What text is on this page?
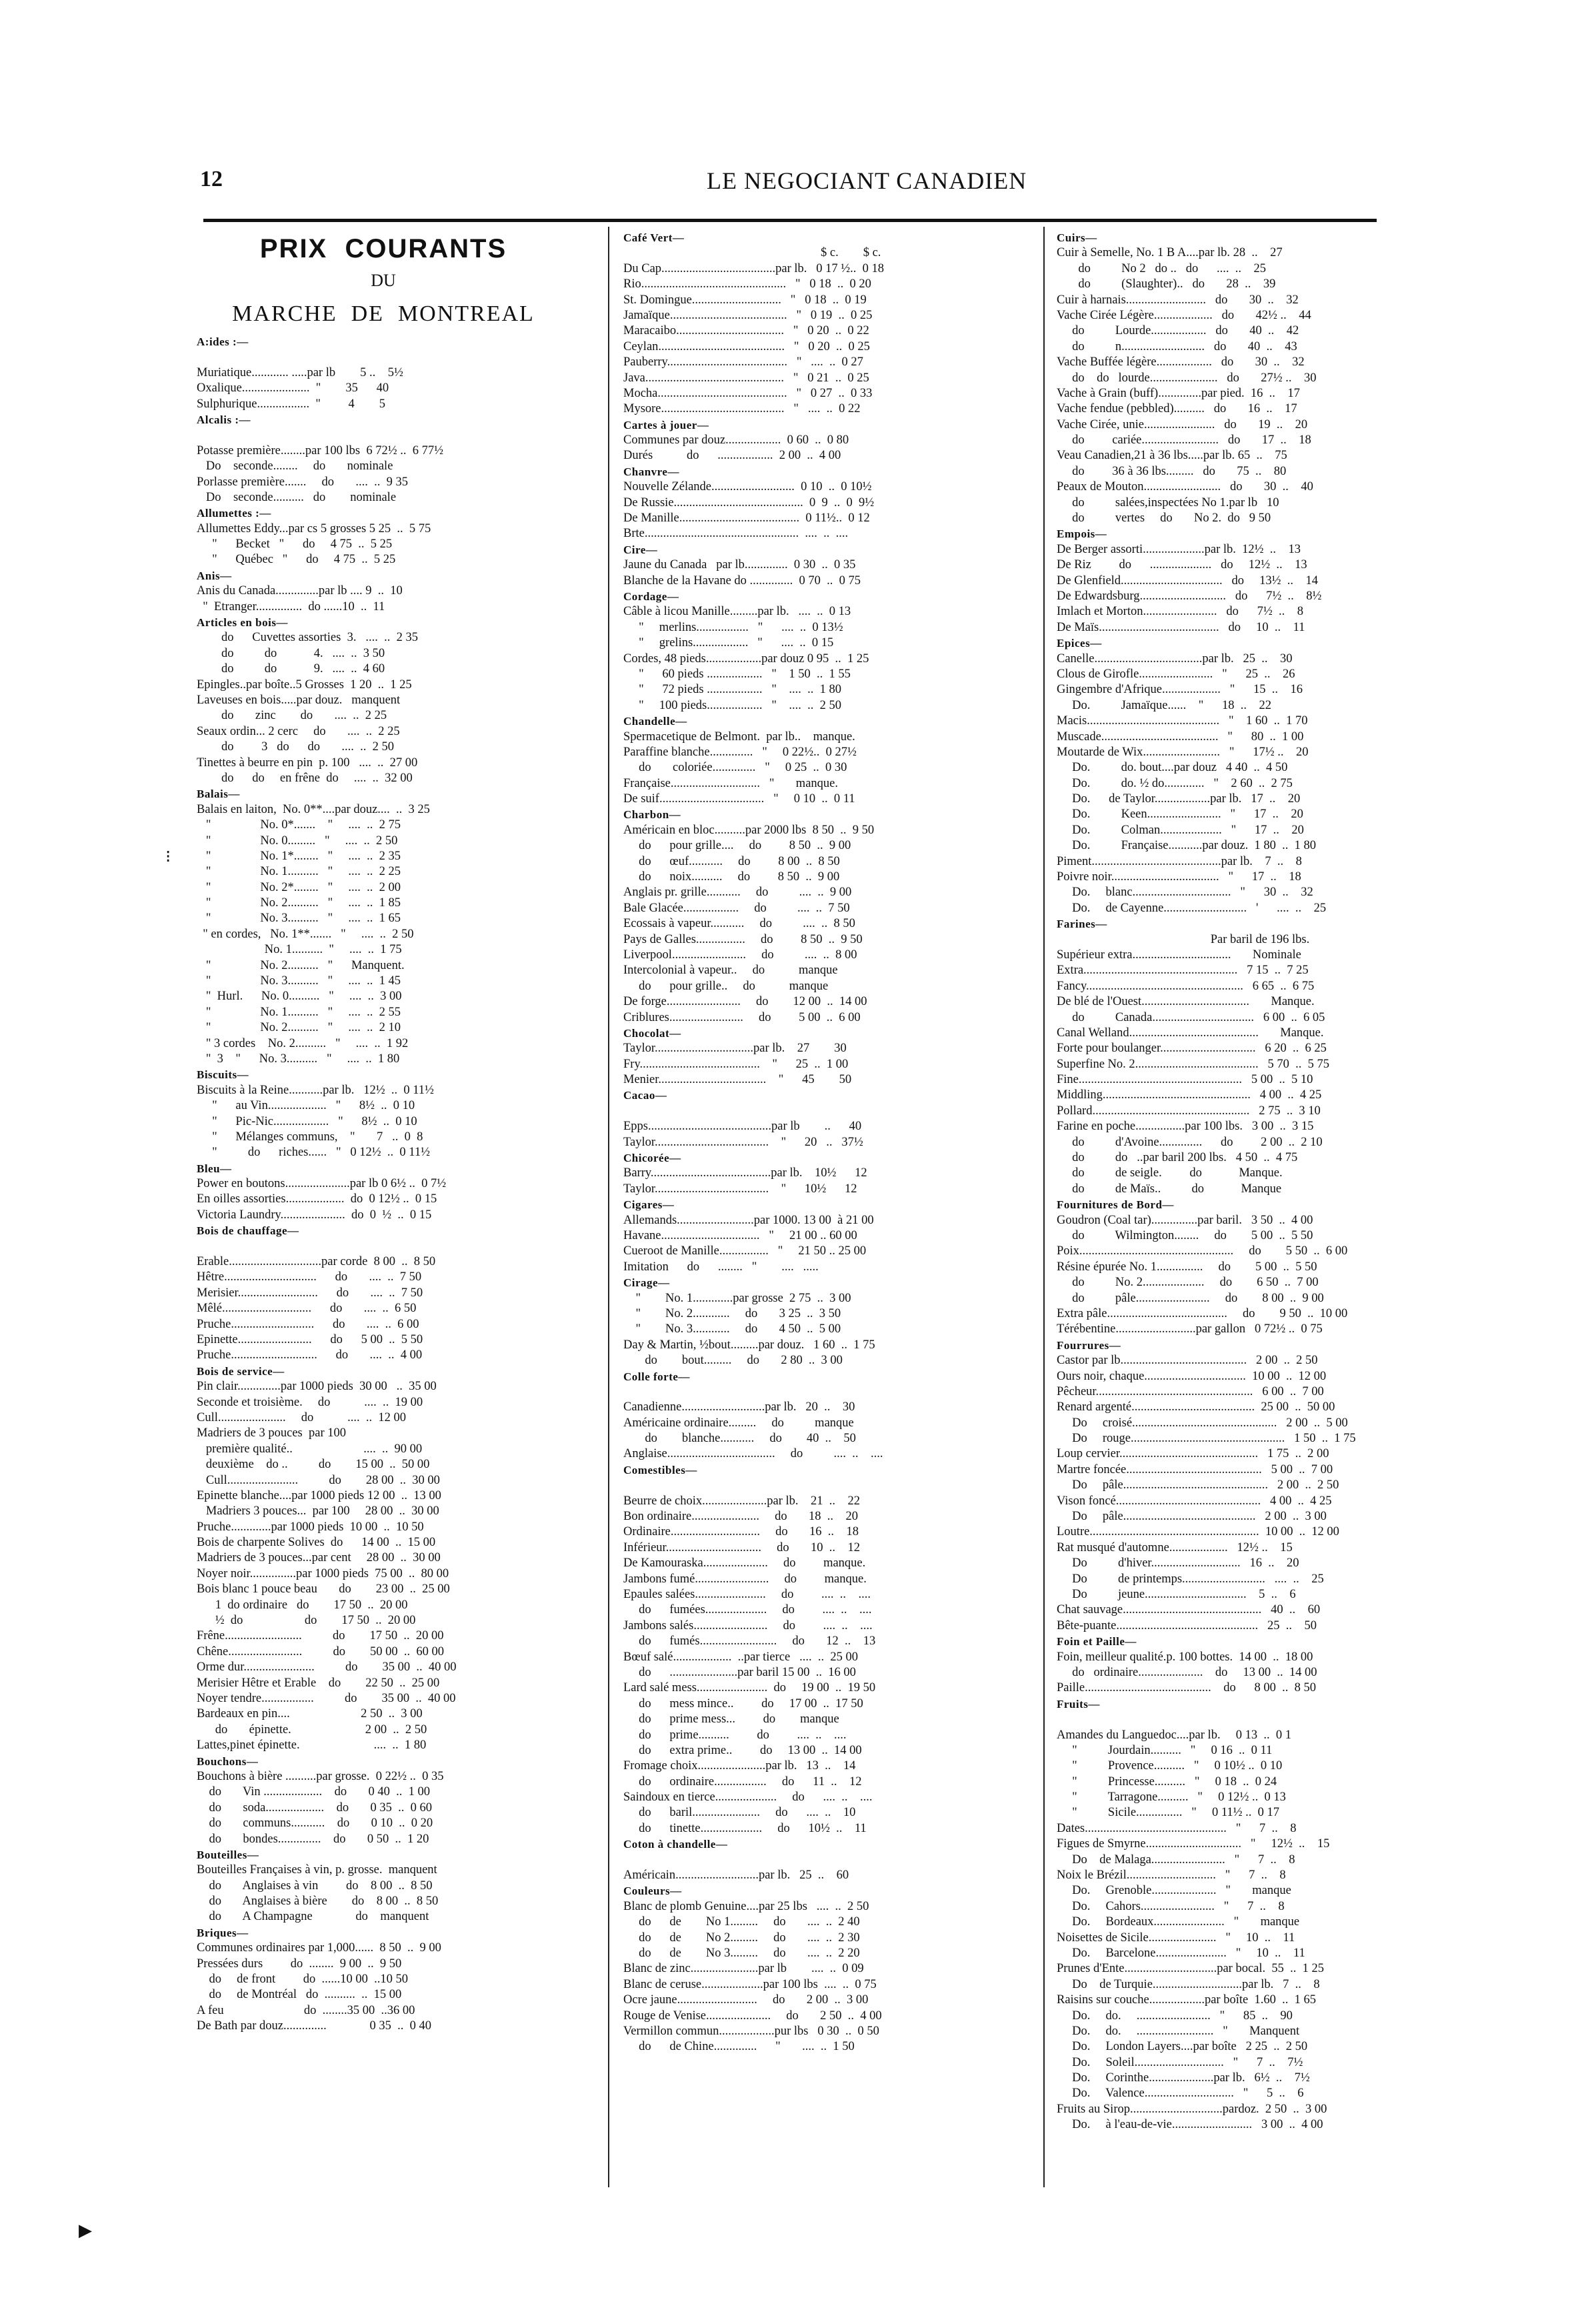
12	LE NEGOCIANT CANADIEN
PRIX  COURANTS
DU
MARCHE  DE  MONTREAL
A:ides :—

Muriatique............ .....par lb        5 ..    5½
Oxalique......................  "        35      40
Sulphurique.................  "         4        5
Alcalis :—

Potasse première........par 100 lbs  6 72½ ..  6 77½
Do    seconde........     do       nominale
Porlasse première.......     do       ....  ..  9 35
Do    seconde..........   do        nominale
Allumettes :—
Allumettes Eddy...par cs 5 grosses 5 25  ..  5 75
"      Becket   "      do     4 75  ..  5 25
"      Québec   "      do     4 75  ..  5 25
Anis—
Anis du Canada..............par lb .... 9  ..  10
"  Etranger...............  do ......10  ..  11
Articles en bois—
do      Cuvettes assorties  3.   ....  ..  2 35
do          do            4.   ....  ..  3 50
do          do            9.   ....  ..  4 60
Epingles..par boîte..5 Grosses  1 20  ..  1 25
Laveuses en bois.....par douz.   manquent
do       zinc        do       ....  ..  2 25
Seaux ordin... 2 cerc     do       ....  ..  2 25
do         3   do      do       ....  ..  2 50
Tinettes à beurre en pin  p. 100   ....  ..  27 00
do      do     en frêne  do     ....  ..  32 00
Balais—
Balais en laiton,  No. 0**....par douz....  ..  3 25
"                No. 0*.......    "     ....  ..  2 75
"                No. 0.........   "     ....  ..  2 50
"                No. 1*........   "     ....  ..  2 35
"                No. 1..........   "     ....  ..  2 25
"                No. 2*........   "     ....  ..  2 00
"                No. 2..........   "     ....  ..  1 85
"                No. 3..........   "     ....  ..  1 65
" en cordes,   No. 1**.......   "     ....  ..  2 50
No. 1..........  "     ....  ..  1 75
"                No. 2..........   "      Manquent.
"                No. 3..........   "     ....  ..  1 45
"  Hurl.      No. 0..........   "     ....  ..  3 00
"                No. 1..........   "     ....  ..  2 55
"                No. 2..........   "     ....  ..  2 10
" 3 cordes    No. 2..........   "     ....  ..  1 92
"  3    "      No. 3..........   "     ....  ..  1 80
Biscuits—
Biscuits à la Reine...........par lb.   12½  ..  0 11½
"      au Vin...................   "      8½  ..  0 10
"      Pic-Nic..................   "      8½  ..  0 10
"      Mélanges communs,    "       7   ..  0  8
"          do      riches......   "   0 12½  ..  0 11½
Bleu—
Power en boutons.....................par lb 0 6½ ..  0 7½
En oilles assorties...................  do  0 12½ ..  0 15
Victoria Laundry.....................  do  0  ½  ..  0 15
Bois de chauffage—

Erable..............................par corde  8 00  ..  8 50
Hêtre..............................      do       ....  ..  7 50
Merisier..........................      do       ....  ..  7 50
Mêlé.............................      do       ....  ..  6 50
Pruche...........................      do       ....  ..  6 00
Epinette........................      do      5 00  ..  5 50
Pruche............................      do       ....  ..  4 00
Bois de service—
Pin clair..............par 1000 pieds  30 00   ..  35 00
Seconde et troisième.     do           ....  ..  19 00
Cull......................     do           ....  ..  12 00
Madriers de 3 pouces  par 100
première qualité..                       ....  ..  90 00
deuxième    do ..          do        15 00  ..  50 00
Cull.......................          do        28 00  ..  30 00
Epinette blanche....par 1000 pieds 12 00  ..  13 00
Madriers 3 pouces...  par 100     28 00  ..  30 00
Pruche.............par 1000 pieds  10 00  ..  10 50
Bois de charpente Solives  do      14 00  ..  15 00
Madriers de 3 pouces...par cent     28 00  ..  30 00
Noyer noir...............par 1000 pieds  75 00  ..  80 00
Bois blanc 1 pouce beau       do        23 00  ..  25 00
1  do ordinaire   do        17 50  ..  20 00
½  do                    do        17 50  ..  20 00
Frêne.........................          do        17 50  ..  20 00
Chêne........................          do        50 00  ..  60 00
Orme dur.......................          do        35 00  ..  40 00
Merisier Hêtre et Erable    do        22 50  ..  25 00
Noyer tendre.................          do        35 00  ..  40 00
Bardeaux en pin....                       2 50  ..  3 00
do       épinette.                        2 00  ..  2 50
Lattes,pinet épinette.                        ....  ..  1 80
Bouchons—
Bouchons à bière ..........par grosse.  0 22½ ..  0 35
do       Vin ...................    do       0 40  ..  1 00
do       soda...................    do       0 35  ..  0 60
do       communs...........    do       0 10  ..  0 20
do       bondes..............    do       0 50  ..  1 20
Bouteilles—
Bouteilles Françaises à vin, p. grosse.  manquent
do       Anglaises à vin         do    8 00  ..  8 50
do       Anglaises à bière        do    8 00  ..  8 50
do       A Champagne              do    manquent
Briques—
Communes ordinaires par 1,000......  8 50  ..  9 00
Pressées durs         do  ........  9 00  ..  9 50
do     de front         do  ......10 00  ..10 50
do     de Montréal   do  ..........  ..  15 00
A feu                          do  ........35 00  ..36 00
De Bath par douz..............              0 35  ..  0 40
Café Vert—
$ c.        $ c.
Du Cap.....................................par lb.   0 17 ½..  0 18
Rio...............................................   "   0 18  ..  0 20
St. Domingue.............................   "   0 18  ..  0 19
Jamaïque......................................   "   0 19  ..  0 25
Maracaibo...................................   "   0 20  ..  0 22
Ceylan.........................................   "   0 20  ..  0 25
Pauberry.......................................   "   ....  ..  0 27
Java.............................................   "   0 21  ..  0 25
Mocha..........................................   "   0 27  ..  0 33
Mysore........................................   "   ....  ..  0 22
Cartes à jouer—
Communes par douz..................  0 60  ..  0 80
Durés           do      ..................  2 00  ..  4 00
Chanvre—
Nouvelle Zélande...........................  0 10  ..  0 10½
De Russie..........................................  0  9  ..  0  9½
De Manille.......................................  0 11½..  0 12
Brte..................................................  ....  ..  ....
Cire—
Jaune du Canada   par lb..............  0 30  ..  0 35
Blanche de la Havane do ..............  0 70  ..  0 75
Cordage—
Câble à licou Manille.........par lb.   ....  ..  0 13
"     merlins.................   "      ....  ..  0 13½
"     grelins..................   "      ....  ..  0 15
Cordes, 48 pieds..................par douz 0 95  ..  1 25
"      60 pieds ..................   "    1 50  ..  1 55
"      72 pieds ..................   "    ....  ..  1 80
"     100 pieds..................   "    ....  ..  2 50
Chandelle—
Spermacetique de Belmont.  par lb..    manque.
Paraffine blanche..............   "     0 22½..  0 27½
do       coloriée..............   "     0 25  ..  0 30
Française.............................   "       manque.
De suif..................................   "     0 10  ..  0 11
Charbon—
Américain en bloc..........par 2000 lbs  8 50  ..  9 50
do      pour grille....     do         8 50  ..  9 00
do      œuf...........     do         8 00  ..  8 50
do      noix..........     do         8 50  ..  9 00
Anglais pr. grille...........     do          ....  ..  9 00
Bale Glacée..................     do          ....  ..  7 50
Ecossais à vapeur...........     do          ....  ..  8 50
Pays de Galles................     do         8 50  ..  9 50
Liverpool........................     do          ....  ..  8 00
Intercolonial à vapeur..     do           manque
do      pour grille..     do           manque
De forge........................     do        12 00  ..  14 00
Criblures........................     do         5 00  ..  6 00
Chocolat—
Taylor................................par lb.    27        30
Fry.......................................    "      25  ..  1 00
Menier...................................    "      45        50
Cacao—

Epps........................................par lb        ..      40
Taylor.....................................    "      20   ..   37½
Chicorée—
Barry.......................................par lb.    10½      12
Taylor.....................................    "      10½      12
Cigares—
Allemands.........................par 1000. 13 00  à 21 00
Havane................................   "     21 00 .. 60 00
Cueroot de Manille................   "     21 50 .. 25 00
Imitation      do      ........   "        ....   .....
Cirage—
"        No. 1.............par grosse  2 75  ..  3 00
"        No. 2............     do       3 25  ..  3 50
"        No. 3............     do       4 50  ..  5 00
Day & Martin, ½bout.........par douz.   1 60  ..  1 75
do        bout.........     do       2 80  ..  3 00
Colle forte—

Canadienne...........................par lb.   20  ..    30
Américaine ordinaire.........     do          manque
do        blanche...........     do        40  ..    50
Anglaise...................................     do          ....  ..    ....
Comestibles—

Beurre de choix.....................par lb.    21  ..    22
Bon ordinaire......................     do       18  ..    20
Ordinaire.............................     do       16  ..    18
Inférieur...............................     do       10  ..    12
De Kamouraska.....................     do         manque.
Jambons fumé........................     do         manque.
Epaules salées.......................     do         ....  ..    ....
do      fumées....................     do         ....  ..    ....
Jambons salés........................     do         ....  ..    ....
do      fumés.........................     do       12  ..    13
Bœuf salé...................  ..par tierce   ....  ..  25 00
do      ......................par baril 15 00  ..  16 00
Lard salé mess.......................  do     19 00  ..  19 50
do      mess mince..         do     17 00  ..  17 50
do      prime mess...         do        manque
do      prime..........         do         ....  ..    ....
do      extra prime..         do     13 00  ..  14 00
Fromage choix......................par lb.   13  ..    14
do      ordinaire.................     do      11  ..    12
Saindoux en tierce....................     do      ....  ..    ....
do      baril......................     do      ....  ..    10
do      tinette....................     do      10½  ..    11
Coton à chandelle—

Américain...........................par lb.   25  ..    60
Couleurs—
Blanc de plomb Genuine....par 25 lbs   ....  ..  2 50
do      de        No 1.........     do       ....  ..  2 40
do      de        No 2.........     do       ....  ..  2 30
do      de        No 3.........     do       ....  ..  2 20
Blanc de zinc......................par lb        ....  ..  0 09
Blanc de ceruse....................par 100 lbs  ....  ..  0 75
Ocre jaune..........................     do       2 00  ..  3 00
Rouge de Venise.....................     do       2 50  ..  4 00
Vermillon commun..................pur lbs   0 30  ..  0 50
do      de Chine..............      "       ....  ..  1 50
Cuirs—
Cuir à Semelle, No. 1 B A....par lb. 28  ..    27
do          No 2   do ..   do      ....  ..    25
do          (Slaughter)..   do       28  ..    39
Cuir à harnais..........................   do       30  ..    32
Vache Cirée Légère...................   do       42½ ..    44
do          Lourde..................   do       40  ..    42
do          n...........................   do       40  ..    43
Vache Buffée légère..................   do       30  ..    32
do    do   lourde......................   do       27½ ..    30
Vache à Grain (buff)..............par pied.  16  ..    17
Vache fendue (pebbled)..........   do       16  ..    17
Vache Cirée, unie.......................   do       19  ..    20
do         cariée.........................   do       17  ..    18
Veau Canadien,21 à 36 lbs.....par lb. 65  ..    75
do         36 à 36 lbs.........   do       75  ..    80
Peaux de Mouton.........................   do       30  ..    40
do          salées,inspectées No 1.par lb   10
do          vertes     do       No 2.  do   9 50
Empois—
De Berger assorti....................par lb.  12½  ..    13
De Riz         do      ....................   do     12½  ..    13
De Glenfield.................................   do     13½  ..    14
De Edwardsburg............................   do      7½  ..    8½
Imlach et Morton........................   do      7½  ..    8
De Maïs.......................................   do     10  ..    11
Epices—
Canelle...................................par lb.   25  ..    30
Clous de Girofle........................   "      25  ..    26
Gingembre d'Afrique...................   "      15  ..    16
Do.          Jamaïque......    "      18  ..    22
Macis...........................................   "    1 60  ..  1 70
Muscade......................................   "      80  ..  1 00
Moutarde de Wix.........................   "      17½ ..    20
Do.          do. bout....par douz   4 40  ..  4 50
Do.          do. ½ do.............   "    2 60  ..  2 75
Do.      de Taylor..................par lb.   17  ..    20
Do.          Keen........................   "      17  ..    20
Do.          Colman....................   "      17  ..    20
Do.          Française...........par douz.  1 80  ..  1 80
Piment..........................................par lb.    7  ..    8
Poivre noir...................................   "      17  ..    18
Do.     blanc................................   "      30  ..    32
Do.     de Cayenne...........................   '      ....  ..    25
Farines—
Par baril de 196 lbs.
Supérieur extra................................       Nominale
Extra..................................................   7 15  ..  7 25
Fancy...................................................   6 65  ..  6 75
De blé de l'Ouest...................................       Manque.
do          Canada.................................   6 00  ..  6 05
Canal Welland..........................................       Manque.
Forte pour boulanger...............................   6 20  ..  6 25
Superfine No. 2........................................   5 70  ..  5 75
Fine.....................................................   5 00  ..  5 10
Middling................................................   4 00  ..  4 25
Pollard...................................................   2 75  ..  3 10
Farine en poche................par 100 lbs.   3 00  ..  3 15
do          d'Avoine..............      do         2 00  ..  2 10
do          do   ..par baril 200 lbs.   4 50  ..  4 75
do          de seigle.         do            Manque.
do          de Maïs..          do            Manque
Fournitures de Bord—
Goudron (Coal tar)...............par baril.   3 50  ..  4 00
do          Wilmington........     do        5 00  ..  5 50
Poix..................................................     do        5 50  ..  6 00
Résine épurée No. 1...............     do        5 00  ..  5 50
do          No. 2....................     do        6 50  ..  7 00
do          pâle........................     do        8 00  ..  9 00
Extra pâle.......................................     do        9 50  ..  10 00
Térébentine..........................par gallon   0 72½ ..  0 75
Fourrures—
Castor par lb.........................................   2 00  ..  2 50
Ours noir, chaque.................................  10 00  ..  12 00
Pêcheur...................................................   6 00  ..  7 00
Renard argenté........................................  25 00  ..  50 00
Do     croisé...............................................   2 00  ..  5 00
Do     rouge..................................................   1 50  ..  1 75
Loup cervier.............................................   1 75  ..  2 00
Martre foncée............................................   5 00  ..  7 00
Do     pâle...............................................   2 00  ..  2 50
Vison foncé...............................................   4 00  ..  4 25
Do     pâle...........................................   2 00  ..  3 00
Loutre.......................................................  10 00  ..  12 00
Rat musqué d'automne...................   12½ ..    15
Do          d'hiver.............................   16  ..    20
Do          de printemps...........................   ....  ..    25
Do          jeune.................................    5  ..    6
Chat sauvage.............................................   40  ..    60
Bête-puante..............................................   25  ..    50
Foin et Paille—
Foin, meilleur qualité.p. 100 bottes.  14 00  ..  18 00
do   ordinaire.....................    do     13 00  ..  14 00
Paille.........................................    do      8 00  ..  8 50
Fruits—

Amandes du Languedoc....par lb.     0 13  ..  0 1
"          Jourdain..........   "     0 16  ..  0 11
"          Provence..........   "     0 10½ ..  0 10
"          Princesse..........   "     0 18  ..  0 24
"          Tarragone..........   "     0 12½ ..  0 13
"          Sicile...............   "     0 11½ ..  0 17
Dates..............................................   "      7  ..    8
Figues de Smyrne...............................   "     12½  ..    15
Do    de Malaga........................   "      7  ..    8
Noix le Brézil.............................   "      7  ..    8
Do.     Grenoble.....................   "       manque
Do.     Cahors........................   "      7  ..    8
Do.     Bordeaux.......................   "       manque
Noisettes de Sicile......................   "     10  ..    11
Do.     Barcelone.......................   "     10  ..    11
Prunes d'Ente..............................par bocal.  55  ..  1 25
Do    de Turquie.............................par lb.   7  ..    8
Raisins sur couche..................par boîte  1.60  ..  1 65
Do.     do.     ........................   "      85  ..    90
Do.     do.     .........................   "       Manquent
Do.     London Layers....par boîte   2 25  ..  2 50
Do.     Soleil.............................   "      7  ..    7½
Do.     Corinthe.....................par lb.   6½  ..    7½
Do.     Valence.............................   "      5  ..    6
Fruits au Sirop..............................pardoz.  2 50  ..  3 00
Do.     à l'eau-de-vie..........................   3 00  ..  4 00
⁝
▶
